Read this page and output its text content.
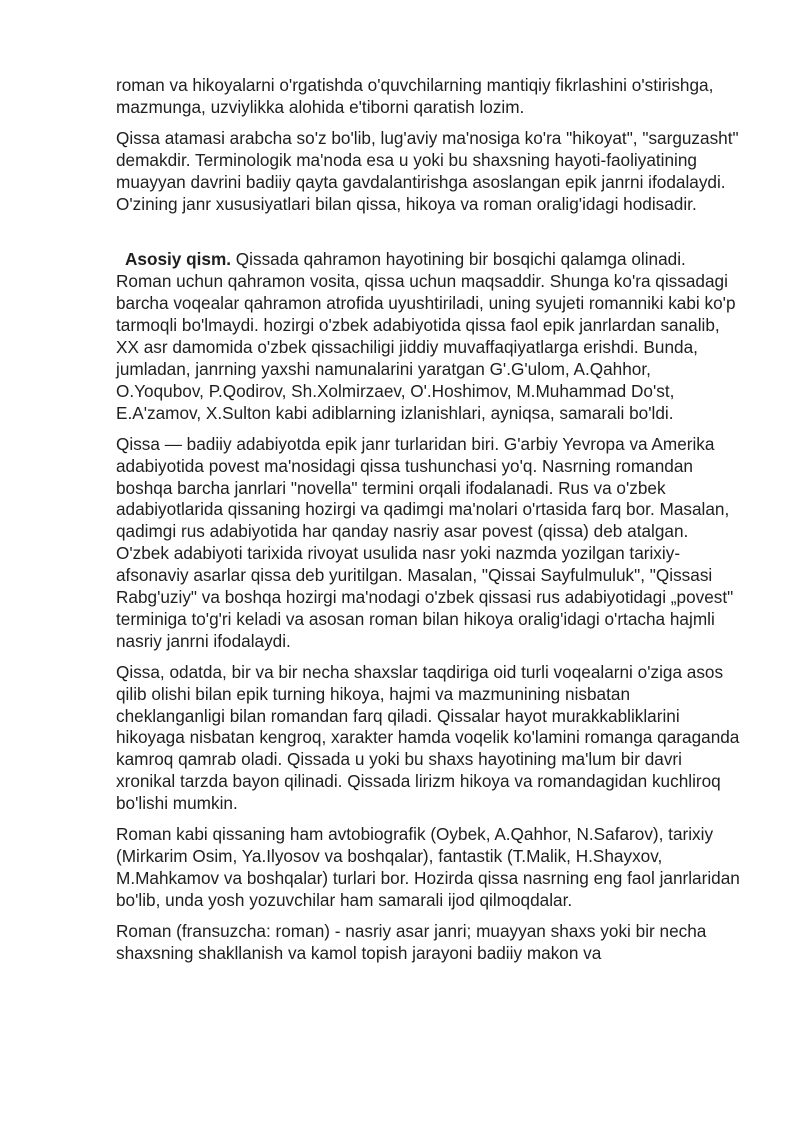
roman va hikoyalarni o'rgatishda o'quvchilarning mantiqiy fikrlashini o'stirishga, mazmunga, uzviylikka alohida e'tiborni qaratish lozim.

Qissa atamasi arabcha so'z bo'lib, lug'aviy ma'nosiga ko'ra "hikoyat", "sarguzasht" demakdir. Terminologik ma'noda esa u yoki bu shaxsning hayoti-faoliyatining muayyan davrini badiiy qayta gavdalantirishga asoslangan epik janrni ifodalaydi. O'zining janr xususiyatlari bilan qissa, hikoya va roman oralig'idagi hodisadir.

Asosiy qism. Qissada qahramon hayotining bir bosqichi qalamga olinadi. Roman uchun qahramon vosita, qissa uchun maqsaddir. Shunga ko'ra qissadagi barcha voqealar qahramon atrofida uyushtiriladi, uning syujeti romanniki kabi ko'p tarmoqli bo'lmaydi. hozirgi o'zbek adabiyotida qissa faol epik janrlardan sanalib, XX asr damomida o'zbek qissachiligi jiddiy muvaffaqiyatlarga erishdi. Bunda, jumladan, janrning yaxshi namunalarini yaratgan G'.G'ulom, A.Qahhor, O.Yoqubov, P.Qodirov, Sh.Xolmirzaev, O'.Hoshimov, M.Muhammad Do'st, E.A'zamov, X.Sulton kabi adiblarning izlanishlari, ayniqsa, samarali bo'ldi.

Qissa — badiiy adabiyotda epik janr turlaridan biri. G'arbiy Yevropa va Amerika adabiyotida povest ma'nosidagi qissa tushunchasi yo'q. Nasrning romandan boshqa barcha janrlari "novella" termini orqali ifodalanadi. Rus va o'zbek adabiyotlarida qissaning hozirgi va qadimgi ma'nolari o'rtasida farq bor. Masalan, qadimgi rus adabiyotida har qanday nasriy asar povest (qissa) deb atalgan. O'zbek adabiyoti tarixida rivoyat usulida nasr yoki nazmda yozilgan tarixiy-afsonaviy asarlar qissa deb yuritilgan. Masalan, "Qissai Sayfulmuluk", "Qissasi Rabg'uziy" va boshqa hozirgi ma'nodagi o'zbek qissasi rus adabiyotidagi „povest" terminiga to'g'ri keladi va asosan roman bilan hikoya oralig'idagi o'rtacha hajmli nasriy janrni ifodalaydi.

Qissa, odatda, bir va bir necha shaxslar taqdiriga oid turli voqealarni o'ziga asos qilib olishi bilan epik turning hikoya, hajmi va mazmunining nisbatan cheklanganligi bilan romandan farq qiladi. Qissalar hayot murakkabliklarini hikoyaga nisbatan kengroq, xarakter hamda voqelik ko'lamini romanga qaraganda kamroq qamrab oladi. Qissada u yoki bu shaxs hayotining ma'lum bir davri xronikal tarzda bayon qilinadi. Qissada lirizm hikoya va romandagidan kuchliroq bo'lishi mumkin.

Roman kabi qissaning ham avtobiografik (Oybek, A.Qahhor, N.Safarov), tarixiy (Mirkarim Osim, Ya.Ilyosov va boshqalar), fantastik (T.Malik, H.Shayxov, M.Mahkamov va boshqalar) turlari bor. Hozirda qissa nasrning eng faol janrlaridan bo'lib, unda yosh yozuvchilar ham samarali ijod qilmoqdalar.

Roman (fransuzcha: roman) - nasriy asar janri; muayyan shaxs yoki bir necha shaxsning shakllanish va kamol topish jarayoni badiiy makon va
